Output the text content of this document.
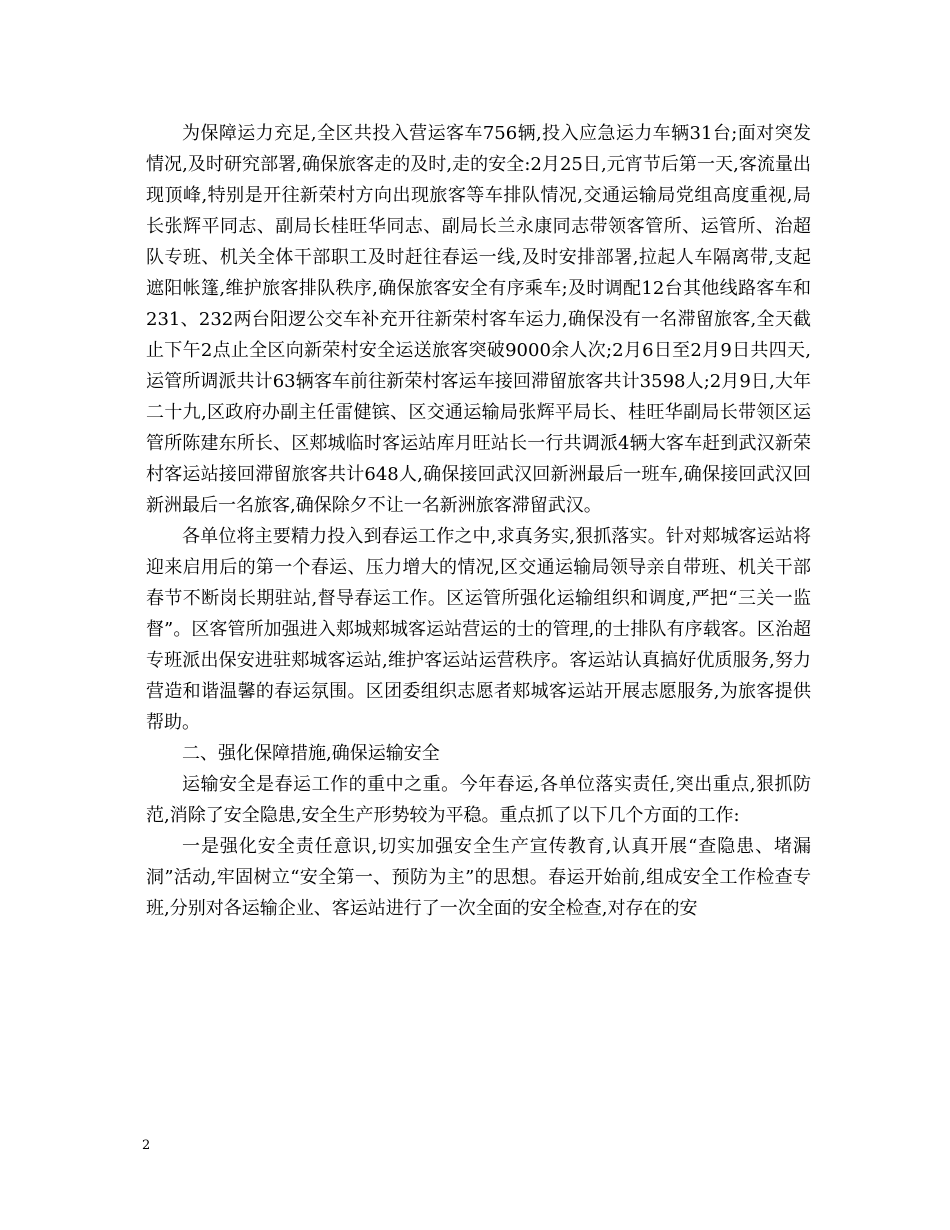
为保障运力充足,全区共投入营运客车756辆,投入应急运力车辆31台;面对突发情况,及时研究部署,确保旅客走的及时,走的安全:2月25日,元宵节后第一天,客流量出现顶峰,特别是开往新荣村方向出现旅客等车排队情况,交通运输局党组高度重视,局长张辉平同志、副局长桂旺华同志、副局长兰永康同志带领客管所、运管所、治超队专班、机关全体干部职工及时赶往春运一线,及时安排部署,拉起人车隔离带,支起遮阳帐篷,维护旅客排队秩序,确保旅客安全有序乘车;及时调配12台其他线路客车和231、232两台阳逻公交车补充开往新荣村客车运力,确保没有一名滞留旅客,全天截止下午2点止全区向新荣村安全运送旅客突破9000余人次;2月6日至2月9日共四天,运管所调派共计63辆客车前往新荣村客运车接回滞留旅客共计3598人;2月9日,大年二十九,区政府办副主任雷健镔、区交通运输局张辉平局长、桂旺华副局长带领区运管所陈建东所长、区郏城临时客运站库月旺站长一行共调派4辆大客车赶到武汉新荣村客运站接回滞留旅客共计648人,确保接回武汉回新洲最后一班车,确保接回武汉回新洲最后一名旅客,确保除夕不让一名新洲旅客滞留武汉。

各单位将主要精力投入到春运工作之中,求真务实,狠抓落实。针对郏城客运站将迎来启用后的第一个春运、压力增大的情况,区交通运输局领导亲自带班、机关干部春节不断岗长期驻站,督导春运工作。区运管所强化运输组织和调度,严把“三关一监督”。区客管所加强进入郏城郏城客运站营运的士的管理,的士排队有序载客。区治超专班派出保安进驻郏城客运站,维护客运站运营秩序。客运站认真搞好优质服务,努力营造和谐温馨的春运氛围。区团委组织志愿者郏城客运站开展志愿服务,为旅客提供帮助。

二、强化保障措施,确保运输安全

运输安全是春运工作的重中之重。今年春运,各单位落实责任,突出重点,狠抓防范,消除了安全隐患,安全生产形势较为平稳。重点抓了以下几个方面的工作:

一是强化安全责任意识,切实加强安全生产宣传教育,认真开展“查隐患、堵漏洞”活动,牢固树立“安全第一、预防为主”的思想。春运开始前,组成安全工作检查专班,分别对各运输企业、客运站进行了一次全面的安全检查,对存在的安

2
